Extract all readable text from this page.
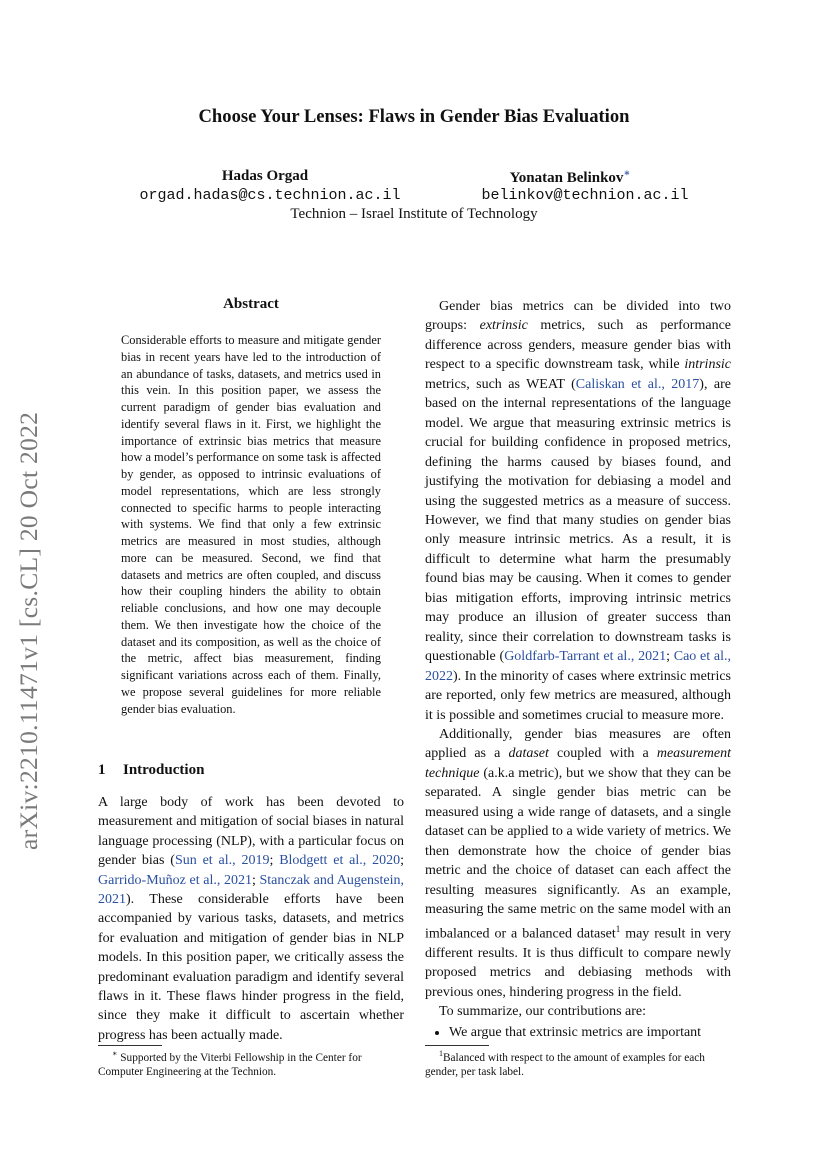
Choose Your Lenses: Flaws in Gender Bias Evaluation
Hadas Orgad	Yonatan Belinkov∗
orgad.hadas@cs.technion.ac.il	belinkov@technion.ac.il
Technion – Israel Institute of Technology
arXiv:2210.11471v1 [cs.CL] 20 Oct 2022
Abstract
Considerable efforts to measure and mitigate gender bias in recent years have led to the introduction of an abundance of tasks, datasets, and metrics used in this vein. In this position paper, we assess the current paradigm of gender bias evaluation and identify several flaws in it. First, we highlight the importance of extrinsic bias metrics that measure how a model’s performance on some task is affected by gender, as opposed to intrinsic evaluations of model representations, which are less strongly connected to specific harms to people interacting with systems. We find that only a few extrinsic metrics are measured in most studies, although more can be measured. Second, we find that datasets and metrics are often coupled, and discuss how their coupling hinders the ability to obtain reliable conclusions, and how one may decouple them. We then investigate how the choice of the dataset and its composition, as well as the choice of the metric, affect bias measurement, finding significant variations across each of them. Finally, we propose several guidelines for more reliable gender bias evaluation.
1 Introduction

A large body of work has been devoted to measurement and mitigation of social biases in natural language processing (NLP), with a particular focus on gender bias (Sun et al., 2019; Blodgett et al., 2020; Garrido-Muñoz et al., 2021; Stanczak and Augenstein, 2021). These considerable efforts have been accompanied by various tasks, datasets, and metrics for evaluation and mitigation of gender bias in NLP models. In this position paper, we critically assess the predominant evaluation paradigm and identify several flaws in it. These flaws hinder progress in the field, since they make it difficult to ascertain whether progress has been actually made.

∗ Supported by the Viterbi Fellowship in the Center for Computer Engineering at the Technion.

Gender bias metrics can be divided into two groups: extrinsic metrics, such as performance difference across genders, measure gender bias with respect to a specific downstream task, while intrinsic metrics, such as WEAT (Caliskan et al., 2017), are based on the internal representations of the language model. We argue that measuring extrinsic metrics is crucial for building confidence in proposed metrics, defining the harms caused by biases found, and justifying the motivation for debiasing a model and using the suggested metrics as a measure of success. However, we find that many studies on gender bias only measure intrinsic metrics. As a result, it is difficult to determine what harm the presumably found bias may be causing. When it comes to gender bias mitigation efforts, improving intrinsic metrics may produce an illusion of greater success than reality, since their correlation to downstream tasks is questionable (Goldfarb-Tarrant et al., 2021; Cao et al., 2022). In the minority of cases where extrinsic metrics are reported, only few metrics are measured, although it is possible and sometimes crucial to measure more.

Additionally, gender bias measures are often applied as a dataset coupled with a measurement technique (a.k.a metric), but we show that they can be separated. A single gender bias metric can be measured using a wide range of datasets, and a single dataset can be applied to a wide variety of metrics. We then demonstrate how the choice of gender bias metric and the choice of dataset can each affect the resulting measures significantly. As an example, measuring the same metric on the same model with an imbalanced or a balanced dataset$^1$ may result in very different results. It is thus difficult to compare newly proposed metrics and debiasing methods with previous ones, hindering progress in the field.

To summarize, our contributions are:

• We argue that extrinsic metrics are important
$^1$Balanced with respect to the amount of examples for each gender, per task label.
